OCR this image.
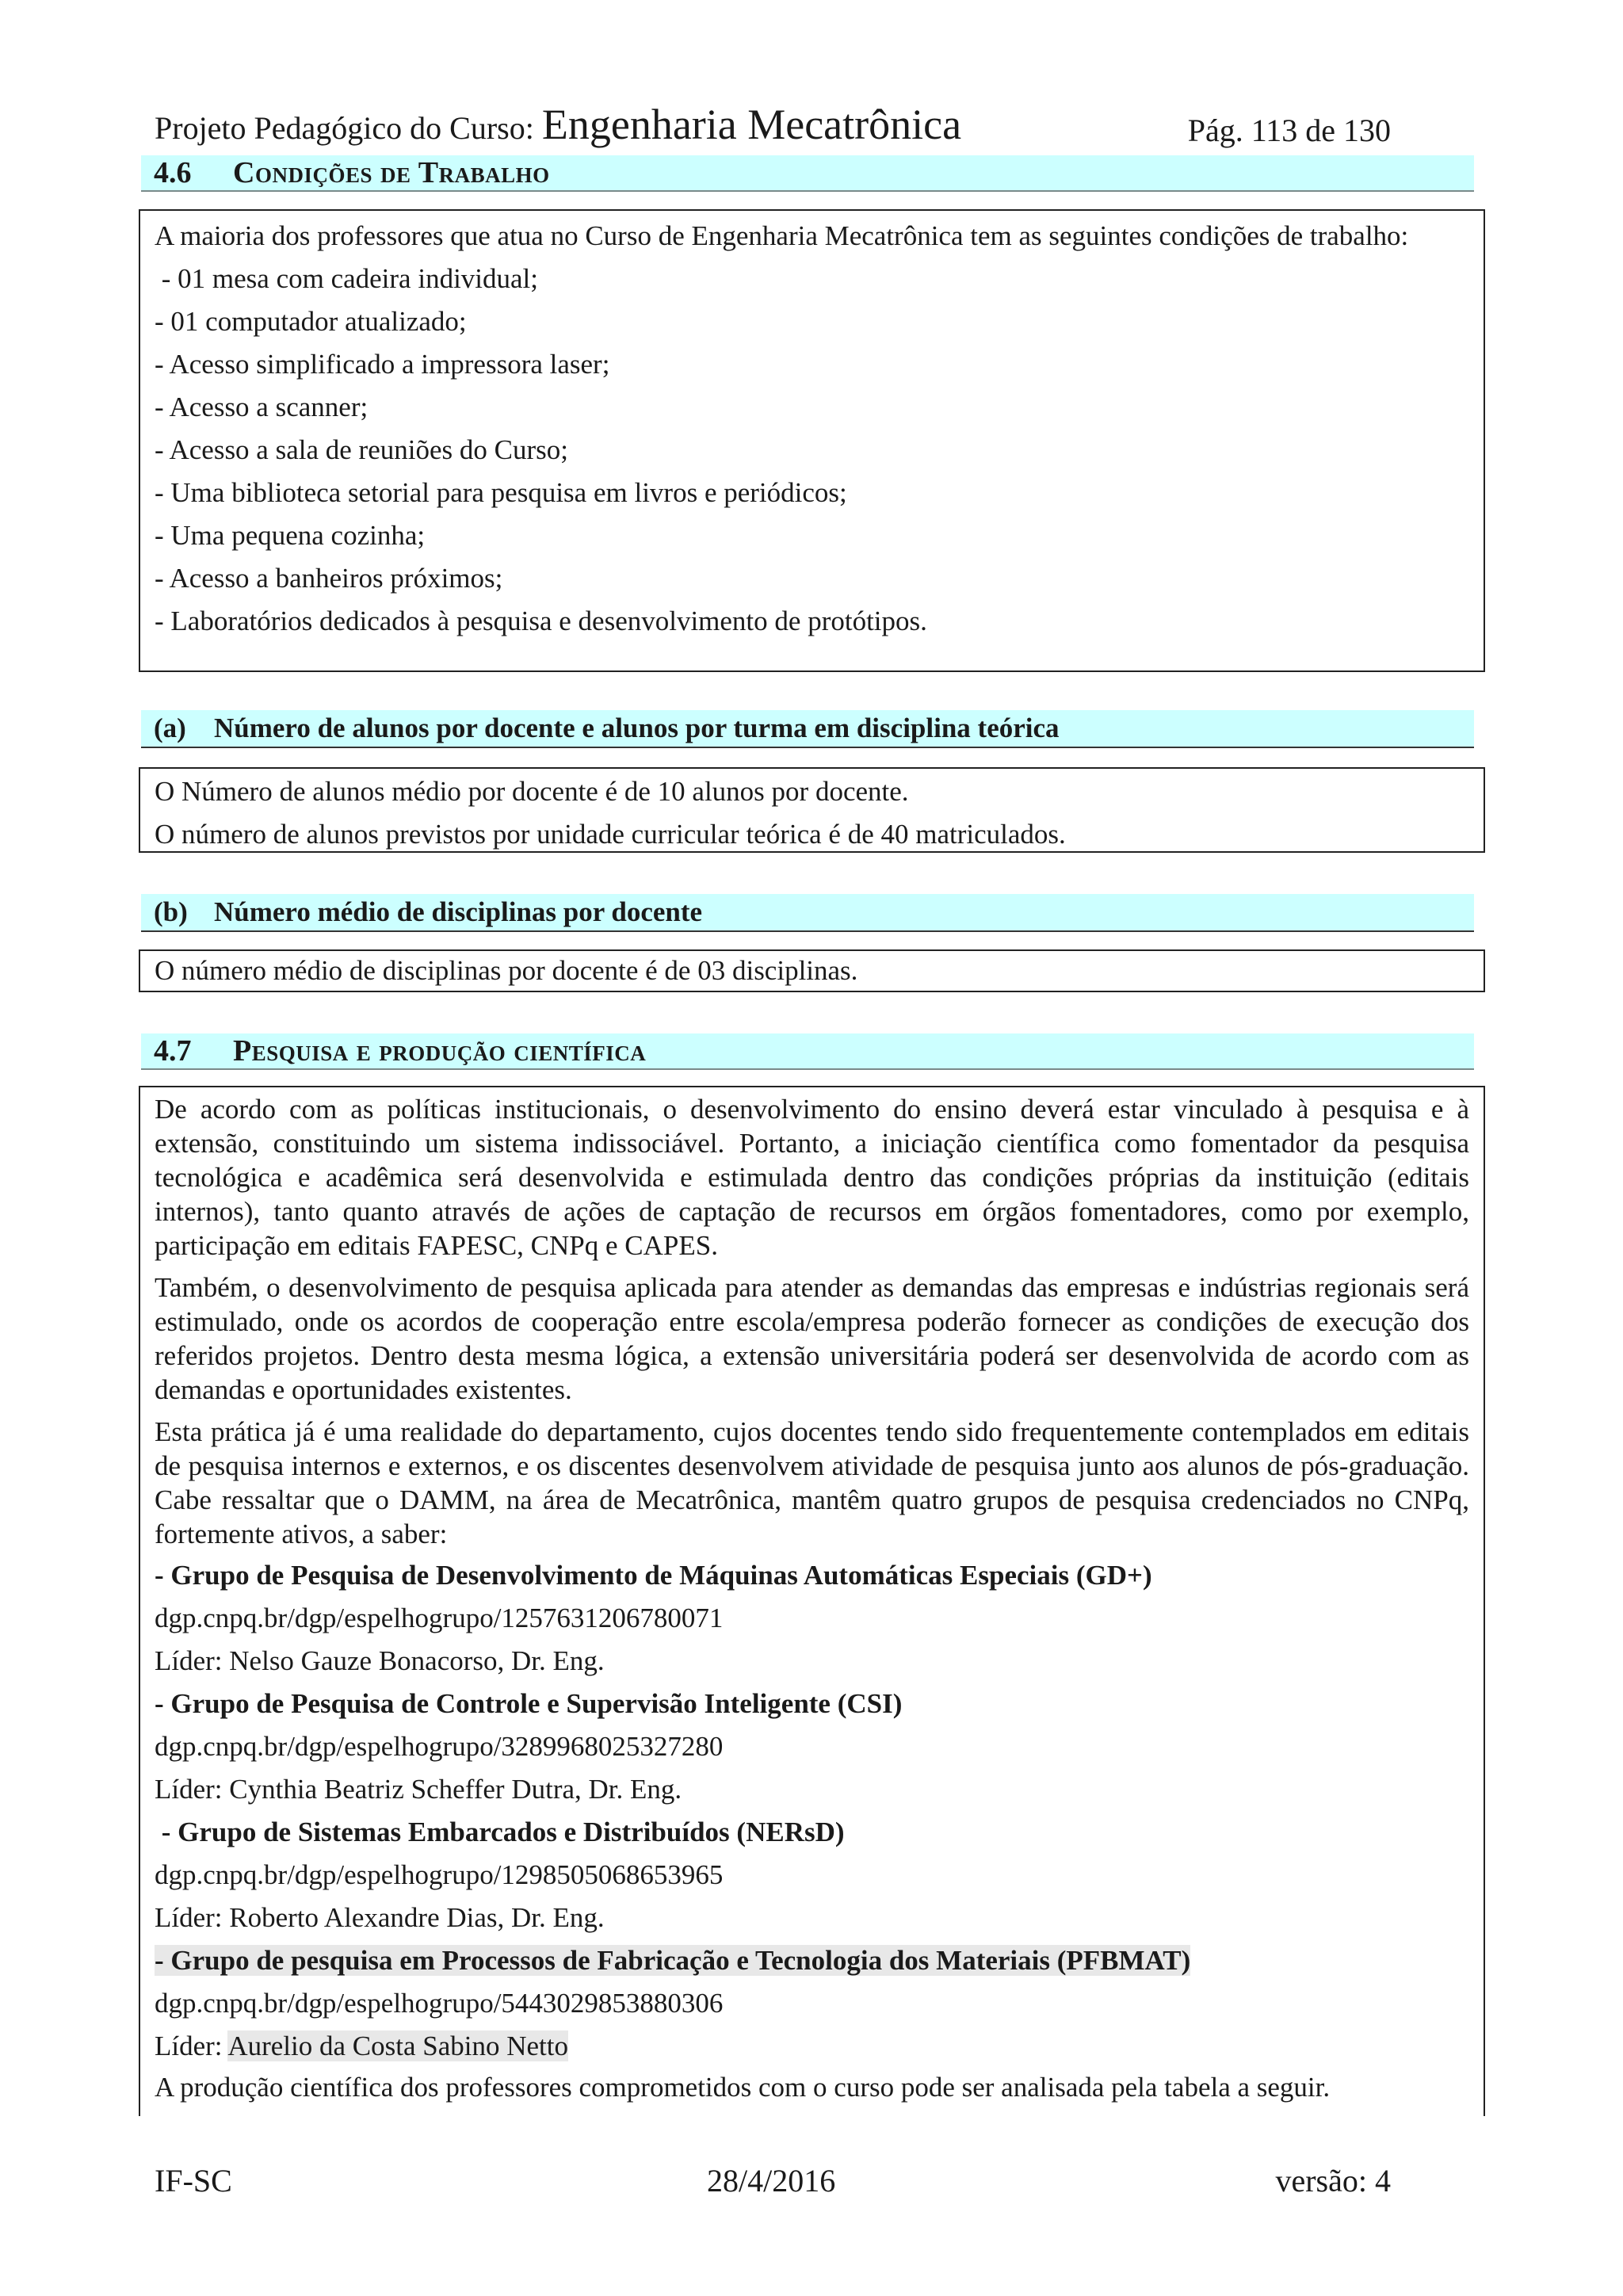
Projeto Pedagógico do Curso: Engenharia Mecatrônica	Pág. 113 de 130
4.6 Condições de Trabalho

A maioria dos professores que atua no Curso de Engenharia Mecatrônica tem as seguintes condições de trabalho:

- 01 mesa com cadeira individual;

- 01 computador atualizado;

- Acesso simplificado a impressora laser;

- Acesso a scanner;

- Acesso a sala de reuniões do Curso;

- Uma biblioteca setorial para pesquisa em livros e periódicos;

- Uma pequena cozinha;

- Acesso a banheiros próximos;

- Laboratórios dedicados à pesquisa e desenvolvimento de protótipos.

(a) Número de alunos por docente e alunos por turma em disciplina teórica

O Número de alunos médio por docente é de 10 alunos por docente.

O número de alunos previstos por unidade curricular teórica é de 40 matriculados.

(b) Número médio de disciplinas por docente

O número médio de disciplinas por docente é de 03 disciplinas.

4.7 Pesquisa e produção científica

De acordo com as políticas institucionais, o desenvolvimento do ensino deverá estar vinculado à pesquisa e à extensão, constituindo um sistema indissociável. Portanto, a iniciação científica como fomentador da pesquisa tecnológica e acadêmica será desenvolvida e estimulada dentro das condições próprias da instituição (editais internos), tanto quanto através de ações de captação de recursos em órgãos fomentadores, como por exemplo, participação em editais FAPESC, CNPq e CAPES.

Também, o desenvolvimento de pesquisa aplicada para atender as demandas das empresas e indústrias regionais será estimulado, onde os acordos de cooperação entre escola/empresa poderão fornecer as condições de execução dos referidos projetos. Dentro desta mesma lógica, a extensão universitária poderá ser desenvolvida de acordo com as demandas e oportunidades existentes.

Esta prática já é uma realidade do departamento, cujos docentes tendo sido frequentemente contemplados em editais de pesquisa internos e externos, e os discentes desenvolvem atividade de pesquisa junto aos alunos de pós-graduação. Cabe ressaltar que o DAMM, na área de Mecatrônica, mantêm quatro grupos de pesquisa credenciados no CNPq, fortemente ativos, a saber:

- Grupo de Pesquisa de Desenvolvimento de Máquinas Automáticas Especiais (GD+)

dgp.cnpq.br/dgp/espelhogrupo/1257631206780071

Líder: Nelso Gauze Bonacorso, Dr. Eng.

- Grupo de Pesquisa de Controle e Supervisão Inteligente (CSI)

dgp.cnpq.br/dgp/espelhogrupo/3289968025327280

Líder: Cynthia Beatriz Scheffer Dutra, Dr. Eng.

- Grupo de Sistemas Embarcados e Distribuídos (NERsD)

dgp.cnpq.br/dgp/espelhogrupo/1298505068653965

Líder: Roberto Alexandre Dias, Dr. Eng.

- Grupo de pesquisa em Processos de Fabricação e Tecnologia dos Materiais (PFBMAT)

dgp.cnpq.br/dgp/espelhogrupo/5443029853880306

Líder: Aurelio da Costa Sabino Netto

A produção científica dos professores comprometidos com o curso pode ser analisada pela tabela a seguir.

IF-SC	28/4/2016	versão: 4
